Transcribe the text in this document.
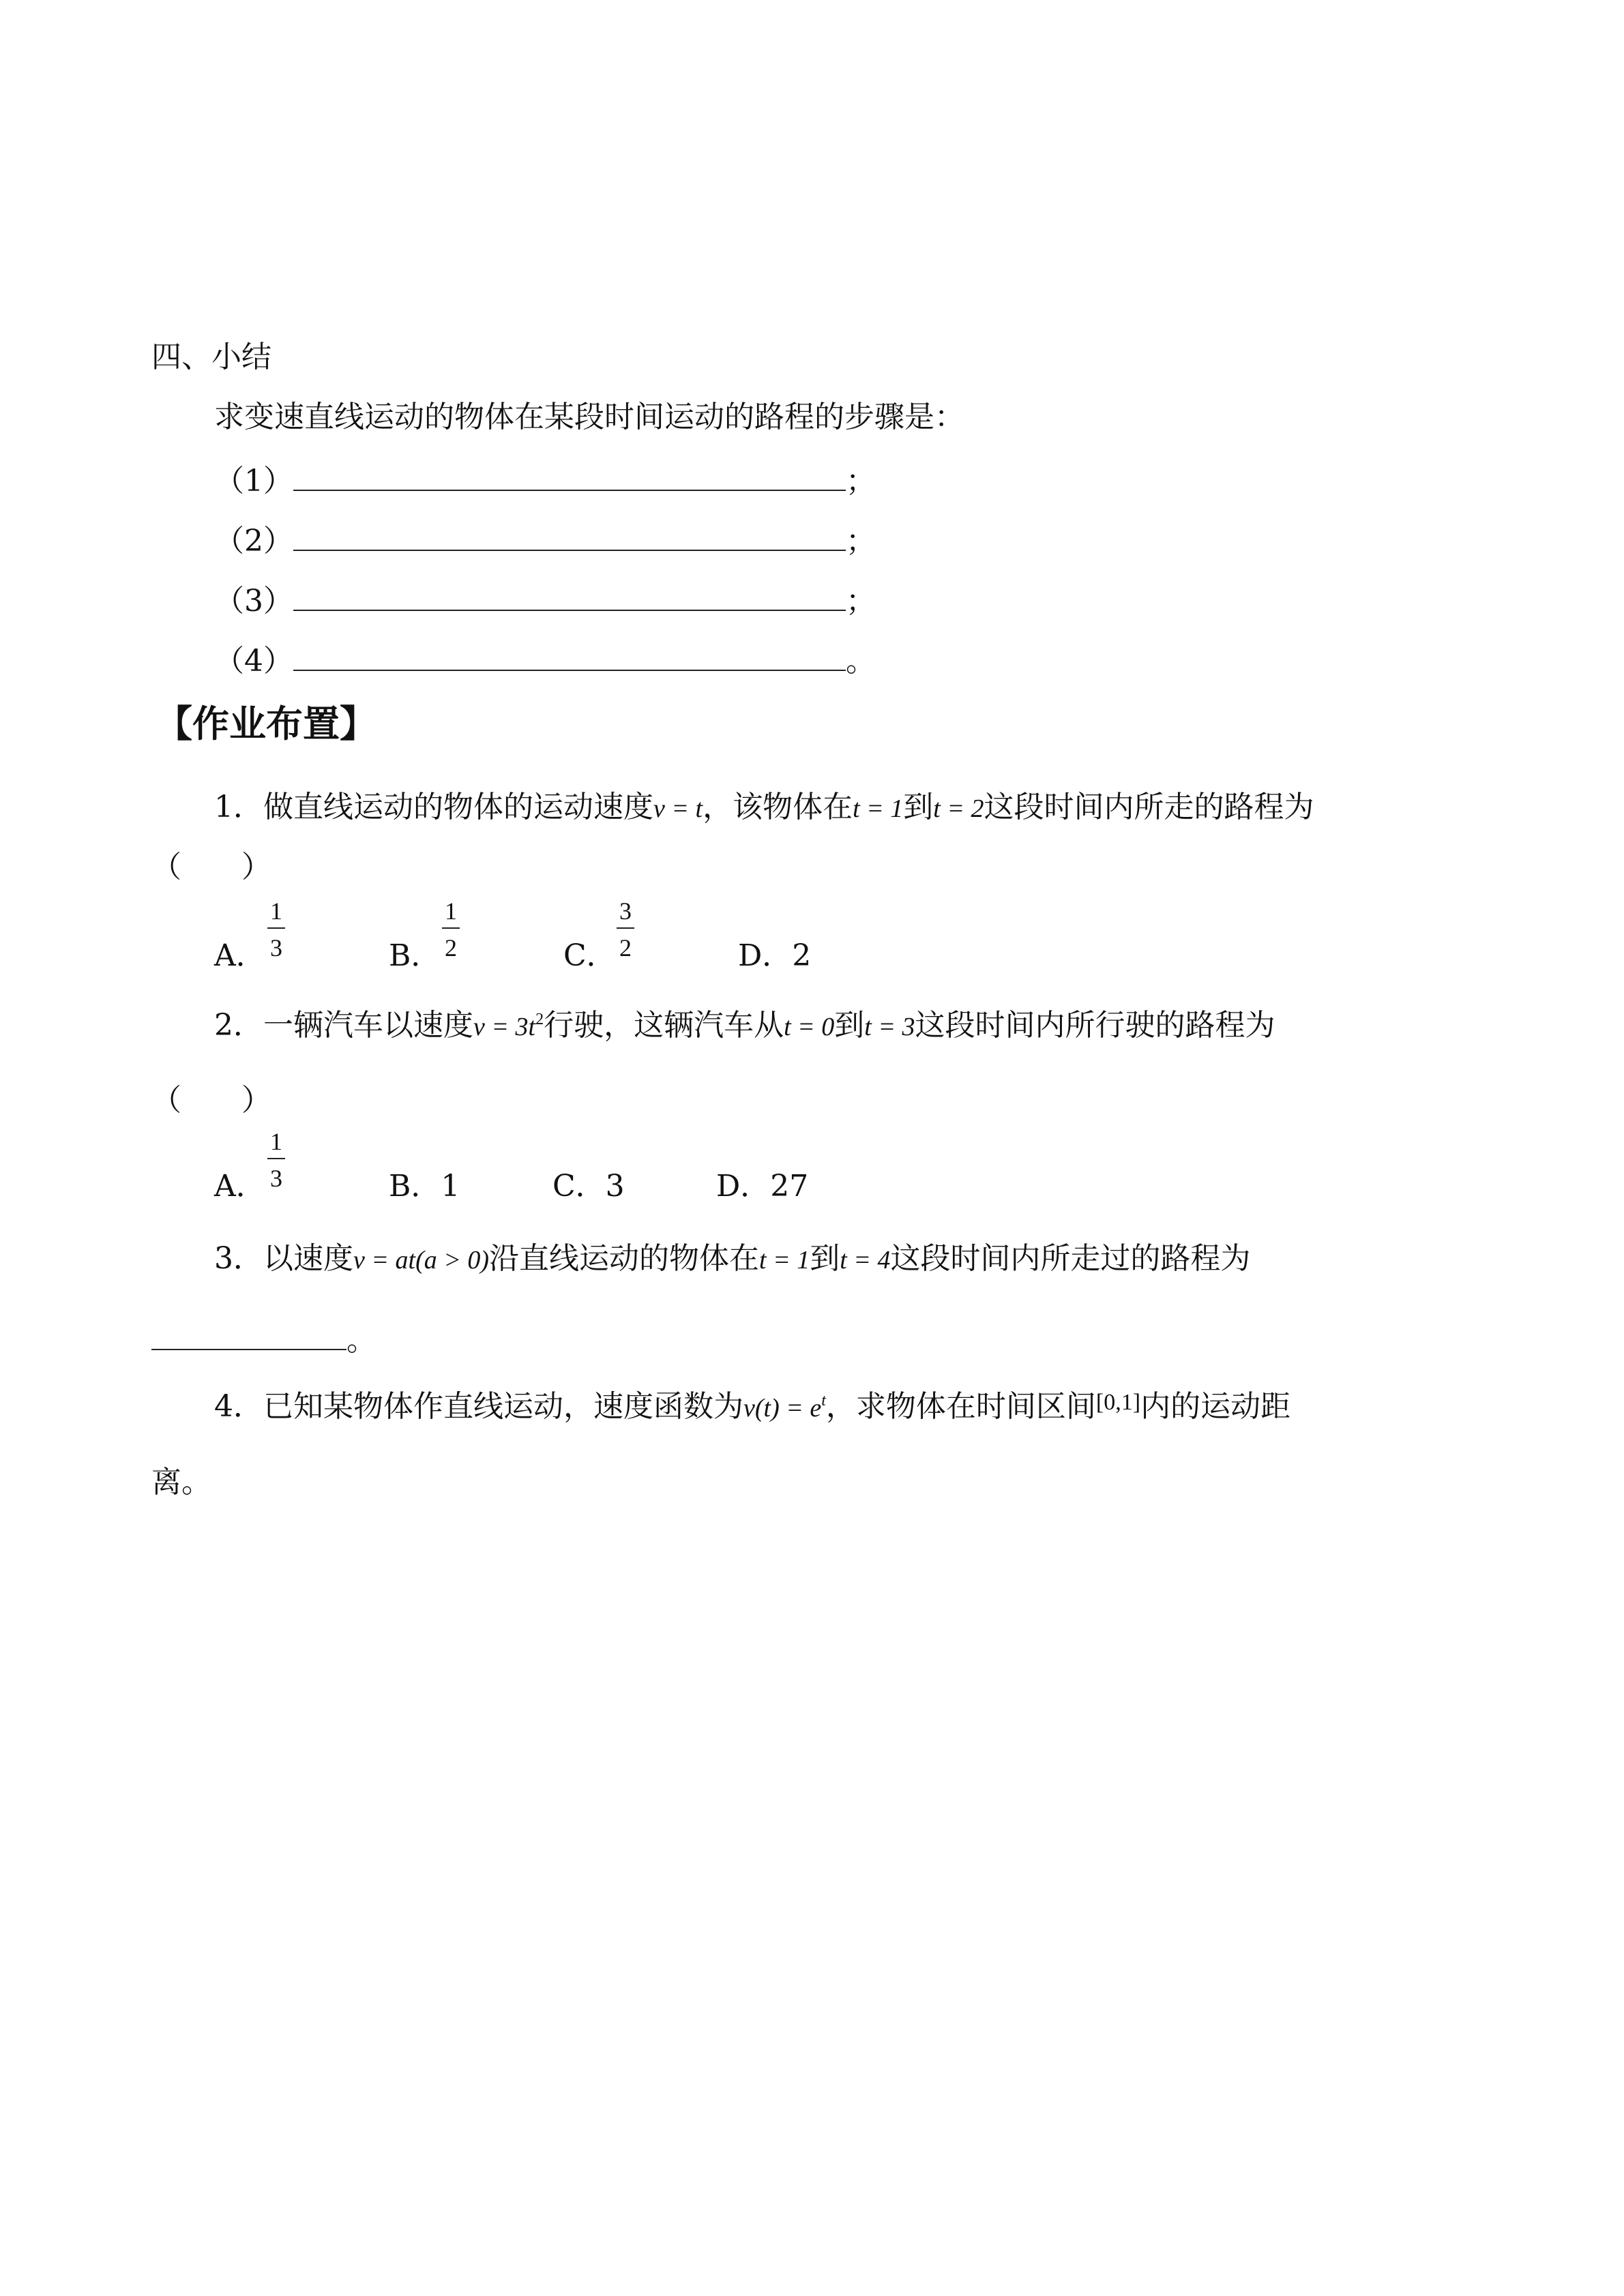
四、小结
求变速直线运动的物体在某段时间运动的路程的步骤是：
（1）	；
（2）	；
（3）	；
（4）	。
【作业布置】
1．做直线运动的物体的运动速度v = t，该物体在t = 1到t = 2这段时间内所走的路程为
（　　）
A．
1
3	B．
1
2	C．
3
2	D．2
2．一辆汽车以速度$v = 3t^2$行驶，这辆汽车从t = 0到t = 3这段时间内所行驶的路程为
（　　）
A．
1
3	B．1	C．3	D．27
3．以速度v = at(a > 0)沿直线运动的物体在t = 1到t = 4这段时间内所走过的路程为
。
4．已知某物体作直线运动，速度函数为$v(t) = e^t$，求物体在时间区间[0,1]内的运动距
离。
